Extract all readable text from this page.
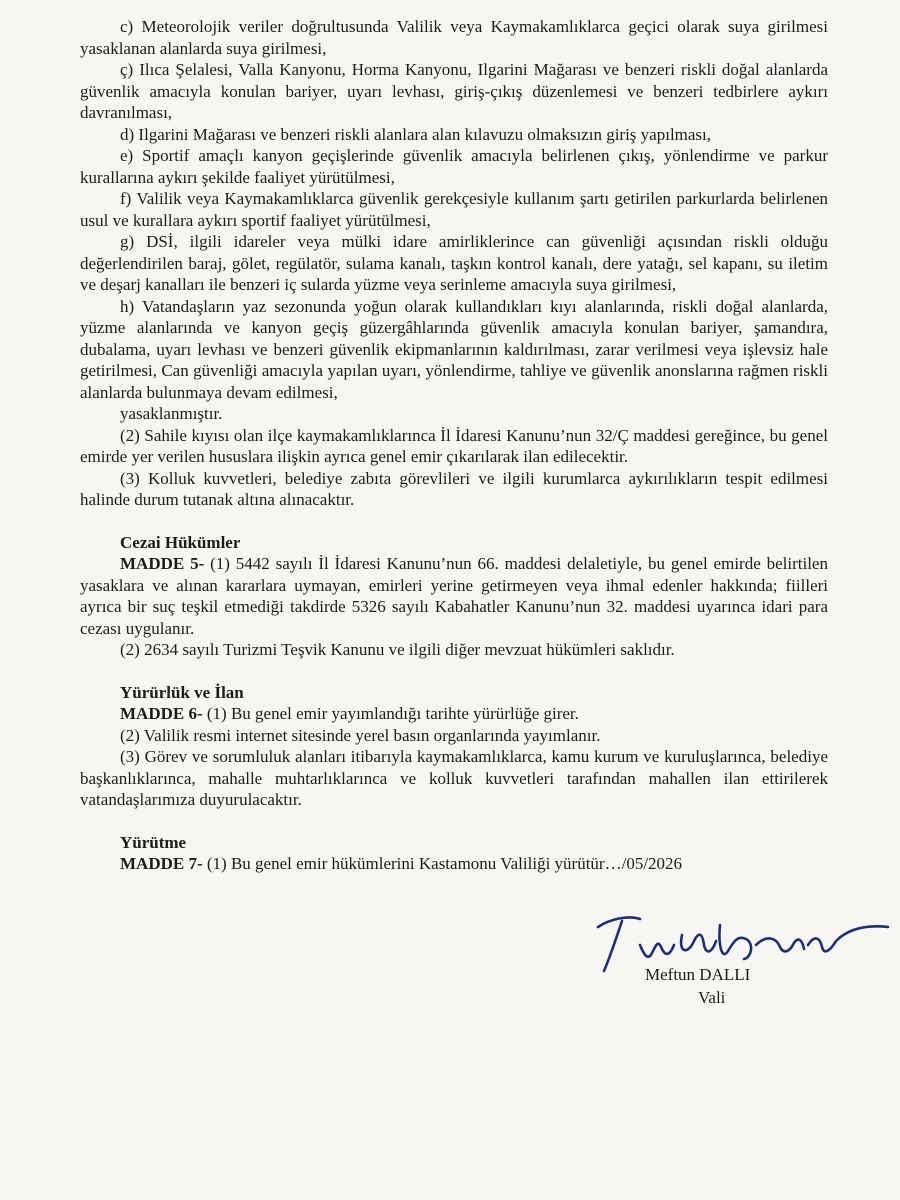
c) Meteorolojik veriler doğrultusunda Valilik veya Kaymakamlıklarca geçici olarak suya girilmesi yasaklanan alanlarda suya girilmesi,

ç) Ilıca Şelalesi, Valla Kanyonu, Horma Kanyonu, Ilgarini Mağarası ve benzeri riskli doğal alanlarda güvenlik amacıyla konulan bariyer, uyarı levhası, giriş-çıkış düzenlemesi ve benzeri tedbirlere aykırı davranılması,

d) Ilgarini Mağarası ve benzeri riskli alanlara alan kılavuzu olmaksızın giriş yapılması,

e) Sportif amaçlı kanyon geçişlerinde güvenlik amacıyla belirlenen çıkış, yönlendirme ve parkur kurallarına aykırı şekilde faaliyet yürütülmesi,

f) Valilik veya Kaymakamlıklarca güvenlik gerekçesiyle kullanım şartı getirilen parkurlarda belirlenen usul ve kurallara aykırı sportif faaliyet yürütülmesi,

g) DSİ, ilgili idareler veya mülki idare amirliklerince can güvenliği açısından riskli olduğu değerlendirilen baraj, gölet, regülatör, sulama kanalı, taşkın kontrol kanalı, dere yatağı, sel kapanı, su iletim ve deşarj kanalları ile benzeri iç sularda yüzme veya serinleme amacıyla suya girilmesi,

h) Vatandaşların yaz sezonunda yoğun olarak kullandıkları kıyı alanlarında, riskli doğal alanlarda, yüzme alanlarında ve kanyon geçiş güzergâhlarında güvenlik amacıyla konulan bariyer, şamandıra, dubalama, uyarı levhası ve benzeri güvenlik ekipmanlarının kaldırılması, zarar verilmesi veya işlevsiz hale getirilmesi, Can güvenliği amacıyla yapılan uyarı, yönlendirme, tahliye ve güvenlik anonslarına rağmen riskli alanlarda bulunmaya devam edilmesi,

yasaklanmıştır.

(2) Sahile kıyısı olan ilçe kaymakamlıklarınca İl İdaresi Kanunu’nun 32/Ç maddesi gereğince, bu genel emirde yer verilen hususlara ilişkin ayrıca genel emir çıkarılarak ilan edilecektir.

(3) Kolluk kuvvetleri, belediye zabıta görevlileri ve ilgili kurumlarca aykırılıkların tespit edilmesi halinde durum tutanak altına alınacaktır.

Cezai Hükümler

MADDE 5- (1) 5442 sayılı İl İdaresi Kanunu’nun 66. maddesi delaletiyle, bu genel emirde belirtilen yasaklara ve alınan kararlara uymayan, emirleri yerine getirmeyen veya ihmal edenler hakkında; fiilleri ayrıca bir suç teşkil etmediği takdirde 5326 sayılı Kabahatler Kanunu’nun 32. maddesi uyarınca idari para cezası uygulanır.

(2) 2634 sayılı Turizmi Teşvik Kanunu ve ilgili diğer mevzuat hükümleri saklıdır.

Yürürlük ve İlan

MADDE 6- (1) Bu genel emir yayımlandığı tarihte yürürlüğe girer.

(2) Valilik resmi internet sitesinde yerel basın organlarında yayımlanır.

(3) Görev ve sorumluluk alanları itibarıyla kaymakamlıklarca, kamu kurum ve kuruluşlarınca, belediye başkanlıklarınca, mahalle muhtarlıklarınca ve kolluk kuvvetleri tarafından mahallen ilan ettirilerek vatandaşlarımıza duyurulacaktır.

Yürütme

MADDE 7- (1) Bu genel emir hükümlerini Kastamonu Valiliği yürütür…/05/2026

Meftun DALLI
Vali
